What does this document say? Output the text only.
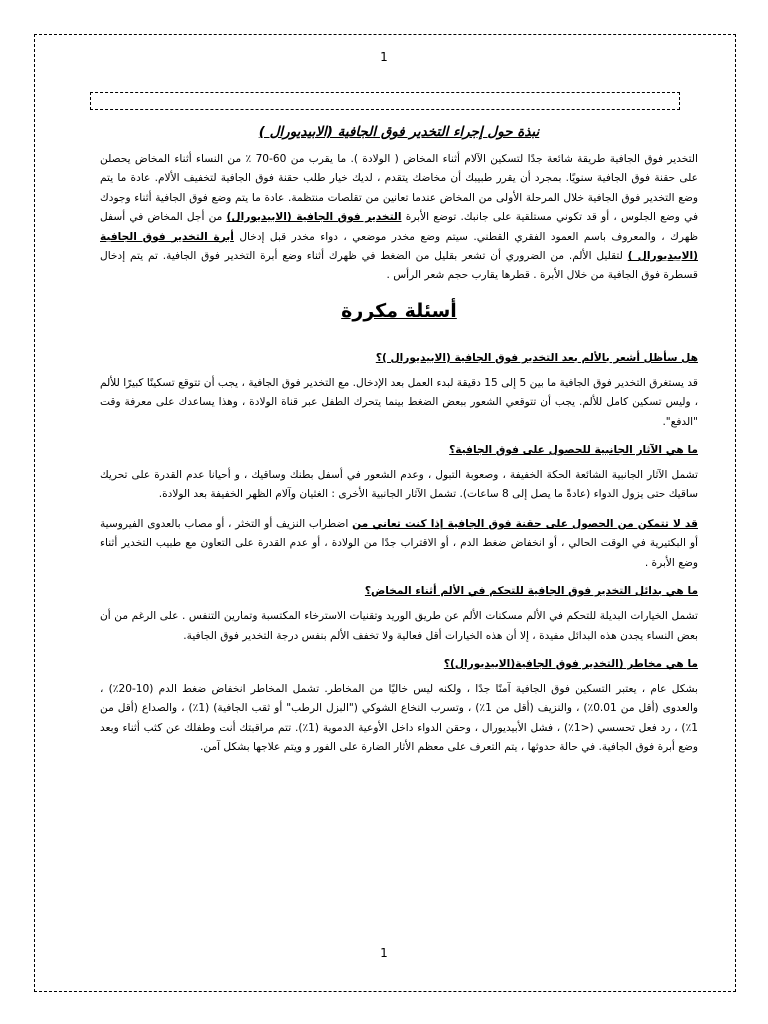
1

نبذة حول إجراء التخدير فوق الجافية (الابيديورال )

التخدير فوق الجافية طريقة شائعة جدًا لتسكين الآلام أثناء المخاض ( الولادة ). ما يقرب من 60-70 ٪ من النساء أثناء المخاض يحصلن على حقنة فوق الجافية سنويًا. بمجرد أن يقرر طبيبك أن مخاضك يتقدم ، لديك خيار طلب حقنة فوق الجافية لتخفيف الألام. عادة ما يتم وضع التخدير فوق الجافية خلال المرحلة الأولى من المخاض عندما تعانين من تقلصات منتظمة. عادة ما يتم وضع فوق الجافية أثناء وجودك في وضع الجلوس ، أو قد تكوني مستلقية على جانبك. توضع الأبرة التخدير فوق الجافية (الابيديورال) من أجل المخاض في أسفل ظهرك ، والمعروف باسم العمود الفقري القطني. سيتم وضع مخدر موضعي ، دواء مخدر قبل إدخال أبرة التخدير فوق الجافية (الابيديورال ) لتقليل الألم. من الضروري أن تشعر بقليل من الضغط في ظهرك أثناء وضع أبرة التخدير فوق الجافية. تم يتم إدخال قسطرة فوق الجافية من خلال الأبرة . قطرها يقارب حجم شعر الرأس .

أسئلة مكررة
هل سأظل أشعر بالألم بعد التخدير فوق الجافية (الابيديورال )؟

قد يستغرق التخدير فوق الجافية ما بين 5 إلى 15 دقيقة لبدء العمل بعد الإدخال. مع التخدير فوق الجافية ، يجب أن تتوقع تسكينًا كبيرًا للألم ، وليس تسكين كامل للألم. يجب أن تتوقعي الشعور ببعض الضغط بينما يتحرك الطفل عبر قناة الولادة ، وهذا يساعدك على معرفة وقت "الدفع".

ما هي الآثار الجانبية للحصول على فوق الجافية؟

تشمل الآثار الجانبية الشائعة الحكة الخفيفة ، وصعوبة التبول ، وعدم الشعور في أسفل بطنك وساقيك ، و أحيانا عدم القدرة على تحريك ساقيك حتى يزول الدواء (عادةً ما يصل إلى 8 ساعات). تشمل الآثار الجانبية الأخرى : الغثيان وآلام الظهر الخفيفة بعد الولادة.

قد لا تتمكن من الحصول على حقنة فوق الجافية إذا كنت تعاني من اضطراب النزيف أو التخثر ، أو مصاب بالعدوى الفيروسية أو البكتيرية في الوقت الحالي ، أو انخفاض ضغط الدم ، أو الاقتراب جدًا من الولادة ، أو عدم القدرة على التعاون مع طبيب التخدير أثناء وضع الأبرة .

ما هي بدائل التخدير فوق الجافية للتحكم في الألم أثناء المخاض؟

تشمل الخيارات البديلة للتحكم في الألم مسكنات الألم عن طريق الوريد وتقنيات الاسترخاء المكتسبة وتمارين التنفس . على الرغم من أن بعض النساء يجدن هذه البدائل مفيدة ، إلا أن هذه الخيارات أقل فعالية ولا تخفف الألم بنفس درجة التخدير فوق الجافية.

ما هي مخاطر (التخدير فوق الجافية(الابيديورال)؟

بشكل عام ، يعتبر التسكين فوق الجافية آمنًا جدًا ، ولكنه ليس خاليًا من المخاطر. تشمل المخاطر انخفاض ضغط الدم (10-20٪) ، والعدوى (أقل من 0.01٪) ، والنزيف (أقل من 1٪) ، وتسرب النخاع الشوكي ("البزل الرطب" أو ثقب الجافية) (1٪) ، والصداع (أقل من 1٪) ، رد فعل تحسسي (<1٪) ، فشل الأبيديورال ، وحقن الدواء داخل الأوعية الدموية (1٪). تتم مراقبتك أنت وطفلك عن كثب أثناء وبعد وضع أبرة فوق الجافية. في حالة حدوثها ، يتم التعرف على معظم الأثار الضارة على الفور و ويتم علاجها بشكل آمن.

1
